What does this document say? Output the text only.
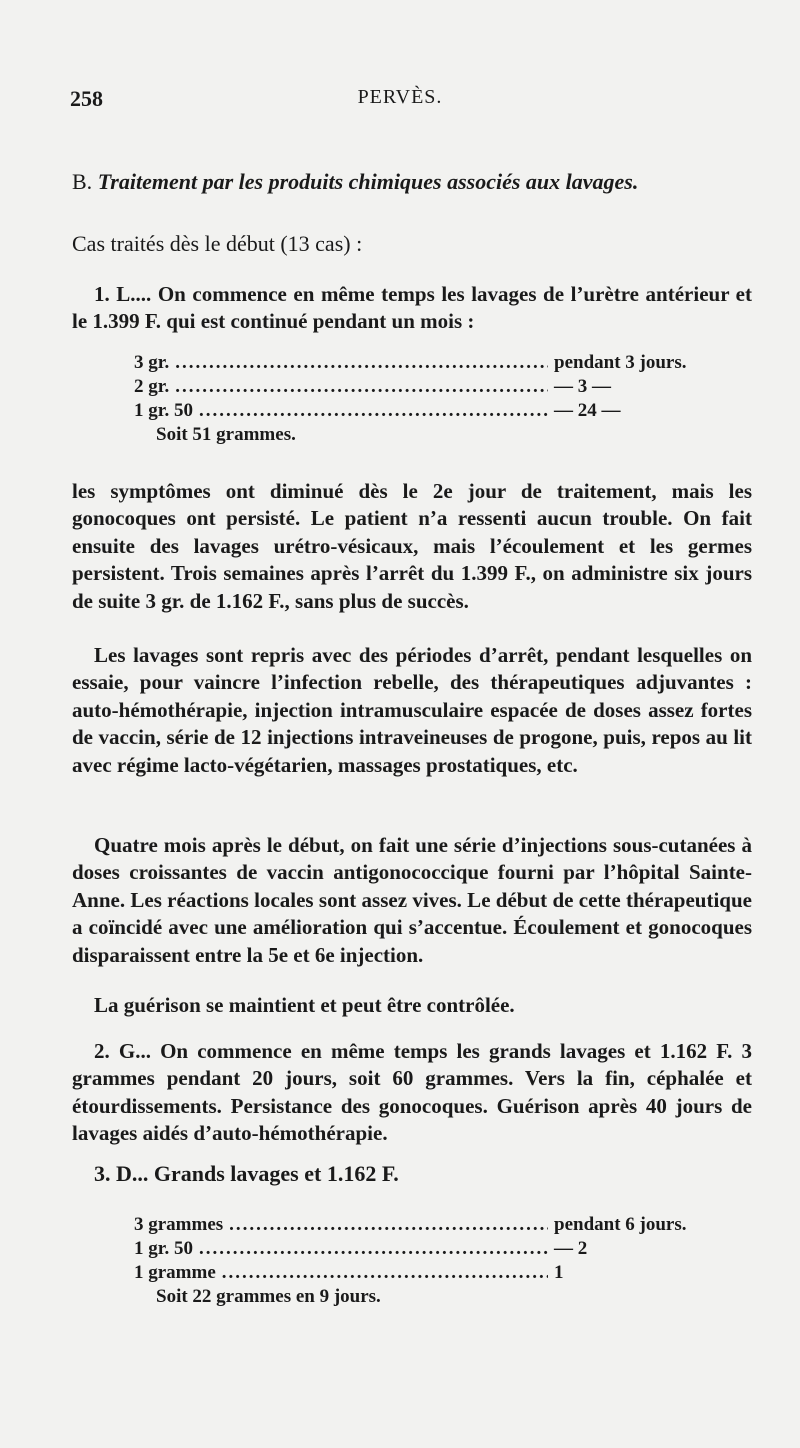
258	PERVÈS.
B. Traitement par les produits chimiques associés aux lavages.
Cas traités dès le début (13 cas) :
1. L.... On commence en même temps les lavages de l’urètre antérieur et le 1.399 F. qui est continué pendant un mois :
3 gr. .....	pendant 3 jours.
2 gr. .....	— 3 —
1 gr. 50 .....	— 24 —
Soit 51 grammes.
les symptômes ont diminué dès le 2e jour de traitement, mais les gonocoques ont persisté. Le patient n’a ressenti aucun trouble. On fait ensuite des lavages urétro-vésicaux, mais l’écoulement et les germes persistent. Trois semaines après l’arrêt du 1.399 F., on administre six jours de suite 3 gr. de 1.162 F., sans plus de succès.
Les lavages sont repris avec des périodes d’arrêt, pendant lesquelles on essaie, pour vaincre l’infection rebelle, des thérapeutiques adjuvantes : auto-hémothérapie, injection intramusculaire espacée de doses assez fortes de vaccin, série de 12 injections intraveineuses de progone, puis, repos au lit avec régime lacto-végétarien, massages prostatiques, etc.
Quatre mois après le début, on fait une série d’injections sous-cutanées à doses croissantes de vaccin antigonococcique fourni par l’hôpital Sainte-Anne. Les réactions locales sont assez vives. Le début de cette thérapeutique a coïncidé avec une amélioration qui s’accentue. Écoulement et gonocoques disparaissent entre la 5e et 6e injection.
La guérison se maintient et peut être contrôlée.
2. G... On commence en même temps les grands lavages et 1.162 F. 3 grammes pendant 20 jours, soit 60 grammes. Vers la fin, céphalée et étourdissements. Persistance des gonocoques. Guérison après 40 jours de lavages aidés d’auto-hémothérapie.
3. D... Grands lavages et 1.162 F.
3 grammes .....	pendant 6 jours.
1 gr. 50 .....	— 2
1 gramme .....	1
Soit 22 grammes en 9 jours.
